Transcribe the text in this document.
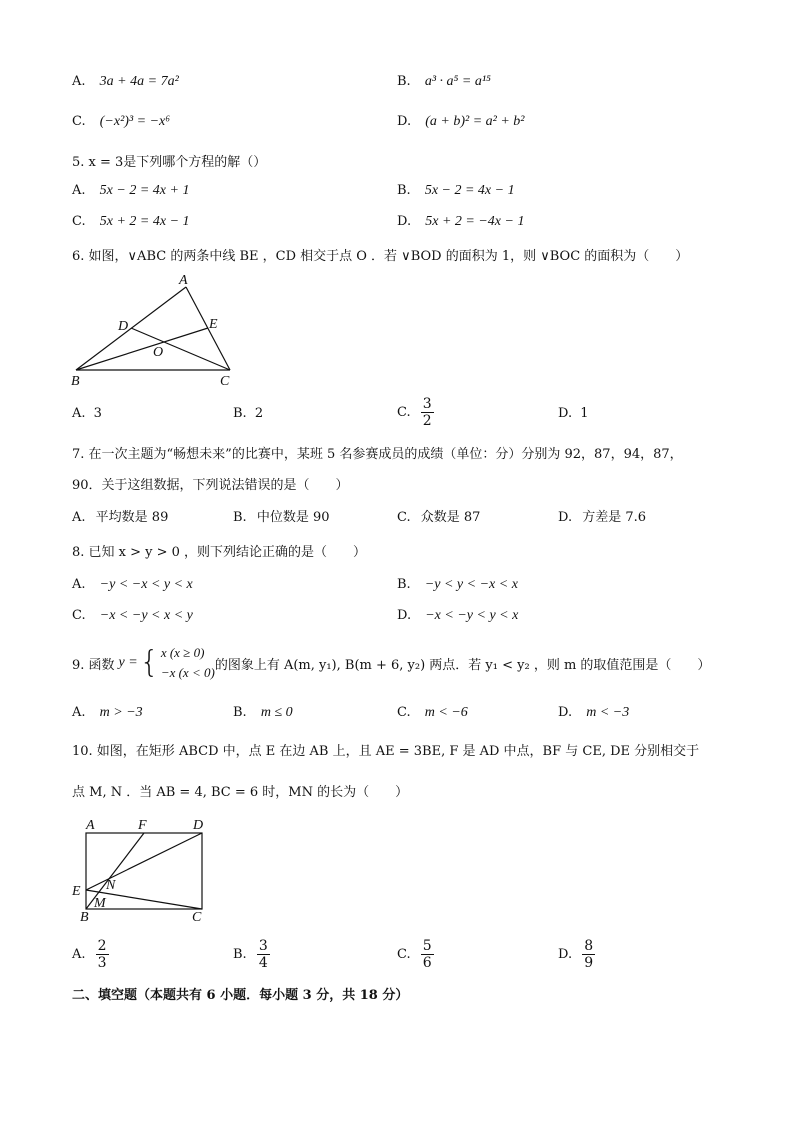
A. 3a + 4a = 7a²	B. a³ · a⁵ = a¹⁵
C. (−x²)³ = −x⁶	D. (a + b)² = a² + b²
5. x = 3是下列哪个方程的解（）
A. 5x − 2 = 4x + 1	B. 5x − 2 = 4x − 1
C. 5x + 2 = 4x − 1	D. 5x + 2 = −4x − 1
6. 如图，∨ABC 的两条中线 BE ，CD 相交于点 O ．若 ∨BOD 的面积为 1，则 ∨BOC 的面积为（　　）
A
D	E
O
B	C
A. 3	B. 2	C. $\frac{3}{2}$	D. 1
7. 在一次主题为“畅想未来”的比赛中，某班 5 名参赛成员的成绩（单位：分）分别为 92，87，94，87，
90．关于这组数据，下列说法错误的是（　　）
A. 平均数是 89	B. 中位数是 90	C. 众数是 87	D. 方差是 7.6
8. 已知 x > y > 0 ，则下列结论正确的是（　　）
A. −y < −x < y < x	B. −y < y < −x < x
C. −x < −y < x < y	D. −x < −y < y < x
9. 函数 y = { x (x ≥ 0)
−x (x < 0) 的图象上有 A(m, y₁), B(m + 6, y₂) 两点．若 y₁ < y₂ ，则 m 的取值范围是（　　）
A. m > −3	B. m ≤ 0	C. m < −6	D. m < −3
10. 如图，在矩形 ABCD 中，点 E 在边 AB 上，且 AE = 3BE, F 是 AD 中点，BF 与 CE, DE 分别相交于
点 M, N ．当 AB = 4, BC = 6 时，MN 的长为（　　）
A	F	D
E N
M
B	C
A. $\frac{2}{3}$	B. $\frac{3}{4}$	C. $\frac{5}{6}$	D. $\frac{8}{9}$
二、填空题（本题共有 6 小题．每小题 3 分，共 18 分）
